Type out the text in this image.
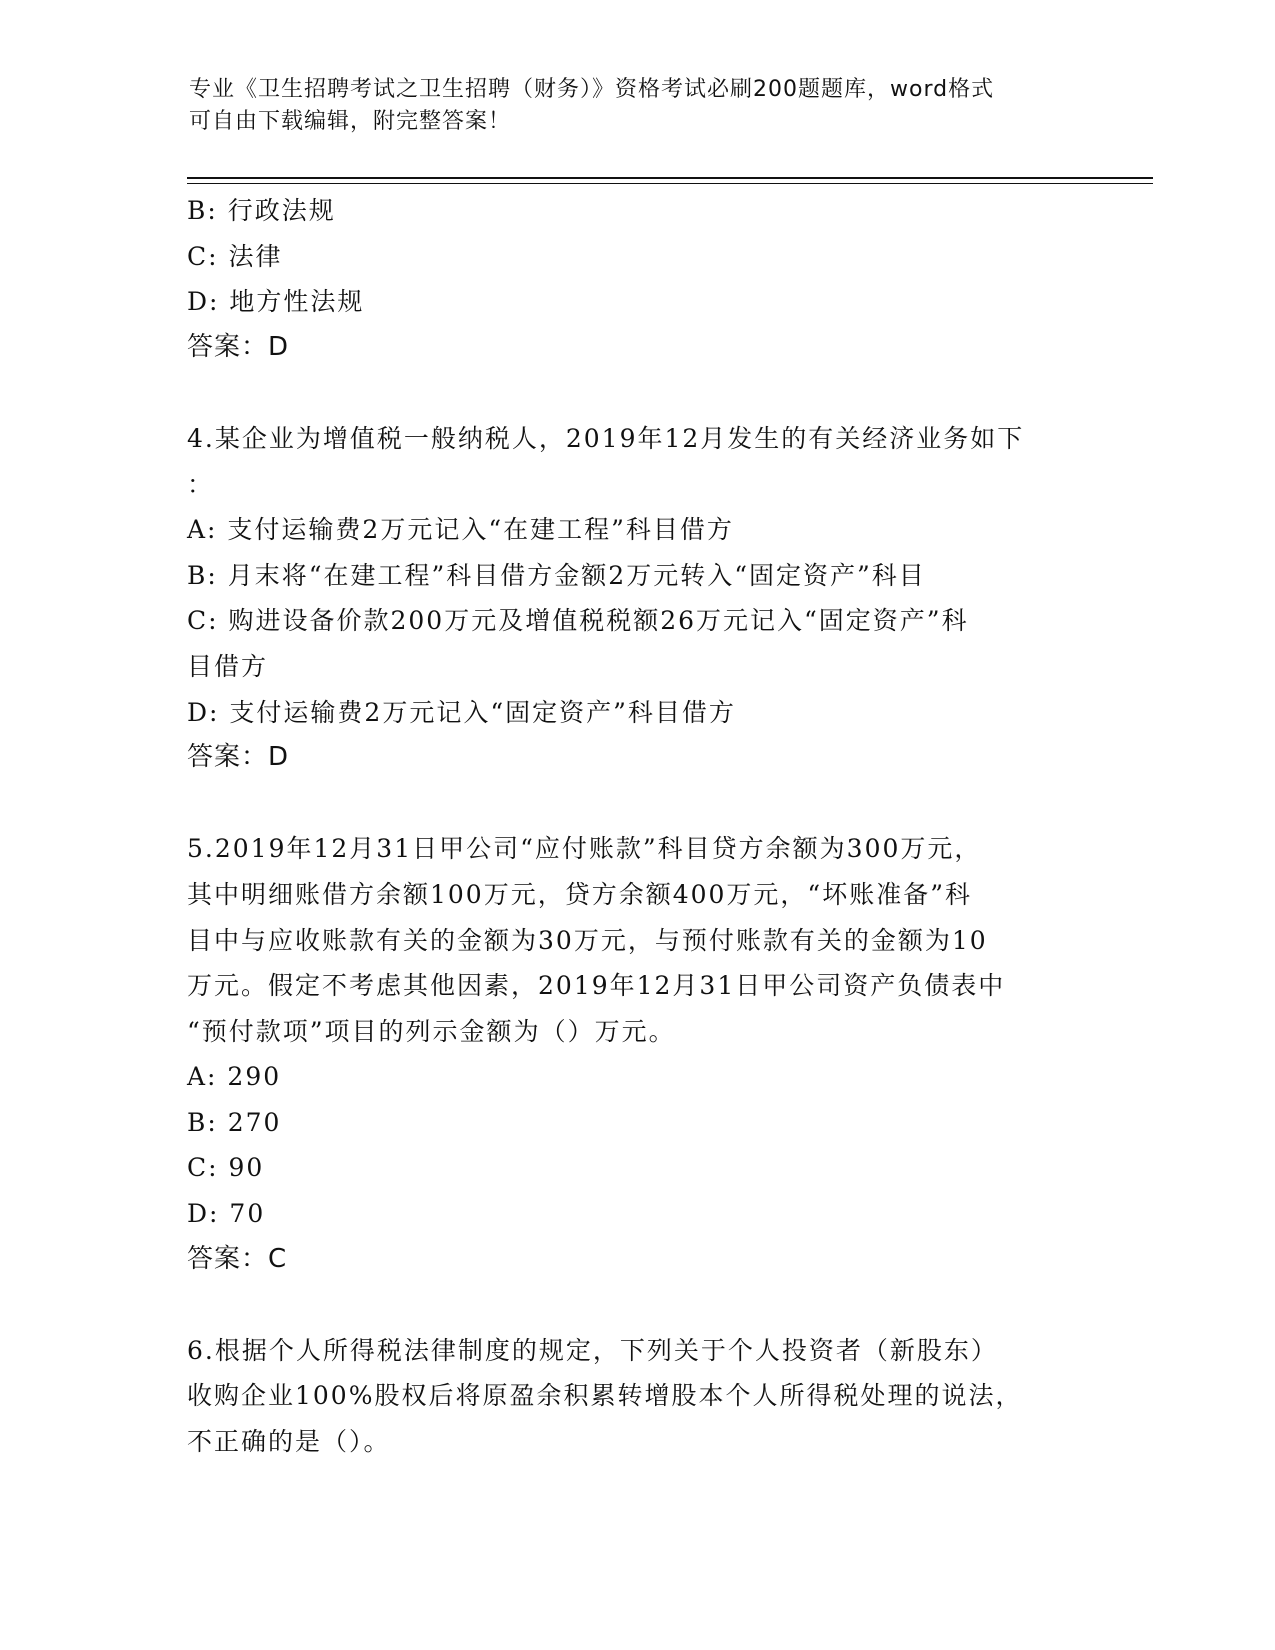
专业《卫生招聘考试之卫生招聘（财务）》资格考试必刷200题题库，word格式
可自由下载编辑，附完整答案！
B: 行政法规
C: 法律
D: 地方性法规
答案：D
4.某企业为增值税一般纳税人，2019年12月发生的有关经济业务如下
：
A: 支付运输费2万元记入“在建工程”科目借方
B: 月末将“在建工程”科目借方金额2万元转入“固定资产”科目
C: 购进设备价款200万元及增值税税额26万元记入“固定资产”科
目借方
D: 支付运输费2万元记入“固定资产”科目借方
答案：D
5.2019年12月31日甲公司“应付账款”科目贷方余额为300万元，
其中明细账借方余额100万元，贷方余额400万元，“坏账准备”科
目中与应收账款有关的金额为30万元，与预付账款有关的金额为10
万元。假定不考虑其他因素，2019年12月31日甲公司资产负债表中
“预付款项”项目的列示金额为（）万元。
A: 290
B: 270
C: 90
D: 70
答案：C
6.根据个人所得税法律制度的规定，下列关于个人投资者（新股东）
收购企业100%股权后将原盈余积累转增股本个人所得税处理的说法，
不正确的是（）。
